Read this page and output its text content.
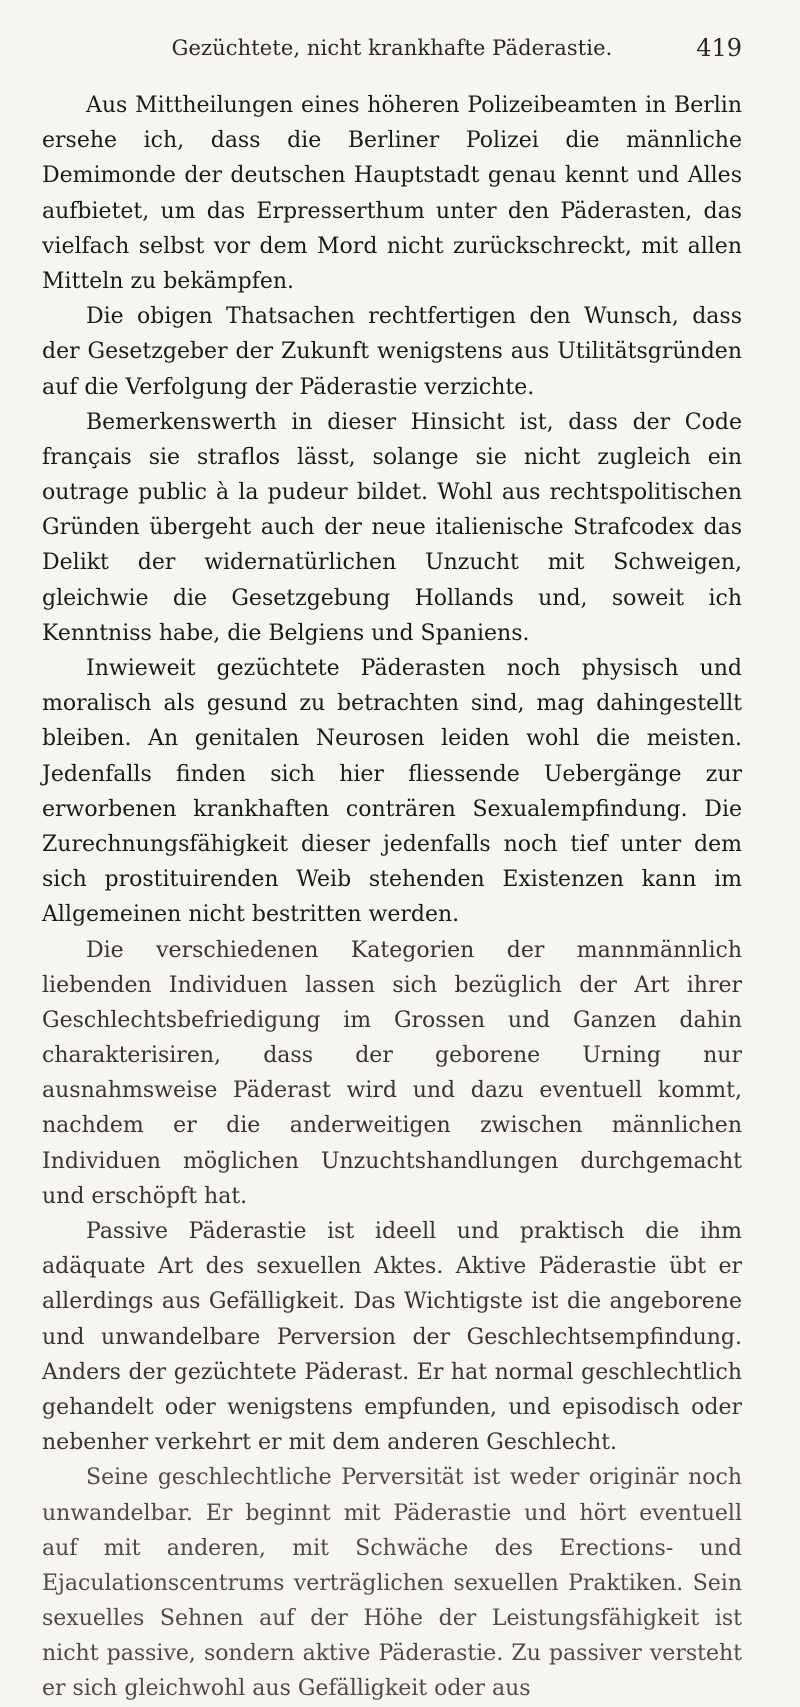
Gezüchtete, nicht krankhafte Päderastie.	419

Aus Mittheilungen eines höheren Polizeibeamten in Berlin ersehe ich, dass die Berliner Polizei die männliche Demimonde der deutschen Hauptstadt genau kennt und Alles aufbietet, um das Erpresserthum unter den Päderasten, das vielfach selbst vor dem Mord nicht zurückschreckt, mit allen Mitteln zu bekämpfen.

Die obigen Thatsachen rechtfertigen den Wunsch, dass der Gesetzgeber der Zukunft wenigstens aus Utilitätsgründen auf die Verfolgung der Päderastie verzichte.

Bemerkenswerth in dieser Hinsicht ist, dass der Code français sie straflos lässt, solange sie nicht zugleich ein outrage public à la pudeur bildet. Wohl aus rechtspolitischen Gründen übergeht auch der neue italienische Strafcodex das Delikt der widernatürlichen Unzucht mit Schweigen, gleichwie die Gesetzgebung Hollands und, soweit ich Kenntniss habe, die Belgiens und Spaniens.

Inwieweit gezüchtete Päderasten noch physisch und moralisch als gesund zu betrachten sind, mag dahingestellt bleiben. An genitalen Neurosen leiden wohl die meisten. Jedenfalls finden sich hier fliessende Uebergänge zur erworbenen krankhaften conträren Sexualempfindung. Die Zurechnungsfähigkeit dieser jedenfalls noch tief unter dem sich prostituirenden Weib stehenden Existenzen kann im Allgemeinen nicht bestritten werden.

Die verschiedenen Kategorien der mannmännlich liebenden Individuen lassen sich bezüglich der Art ihrer Geschlechtsbefriedigung im Grossen und Ganzen dahin charakterisiren, dass der geborene Urning nur ausnahmsweise Päderast wird und dazu eventuell kommt, nachdem er die anderweitigen zwischen männlichen Individuen möglichen Unzuchtshandlungen durchgemacht und erschöpft hat.

Passive Päderastie ist ideell und praktisch die ihm adäquate Art des sexuellen Aktes. Aktive Päderastie übt er allerdings aus Gefälligkeit. Das Wichtigste ist die angeborene und unwandelbare Perversion der Geschlechtsempfindung. Anders der gezüchtete Päderast. Er hat normal geschlechtlich gehandelt oder wenigstens empfunden, und episodisch oder nebenher verkehrt er mit dem anderen Geschlecht.

Seine geschlechtliche Perversität ist weder originär noch unwandelbar. Er beginnt mit Päderastie und hört eventuell auf mit anderen, mit Schwäche des Erections- und Ejaculationscentrums verträglichen sexuellen Praktiken. Sein sexuelles Sehnen auf der Höhe der Leistungsfähigkeit ist nicht passive, sondern aktive Päderastie. Zu passiver versteht er sich gleichwohl aus Gefälligkeit oder aus
